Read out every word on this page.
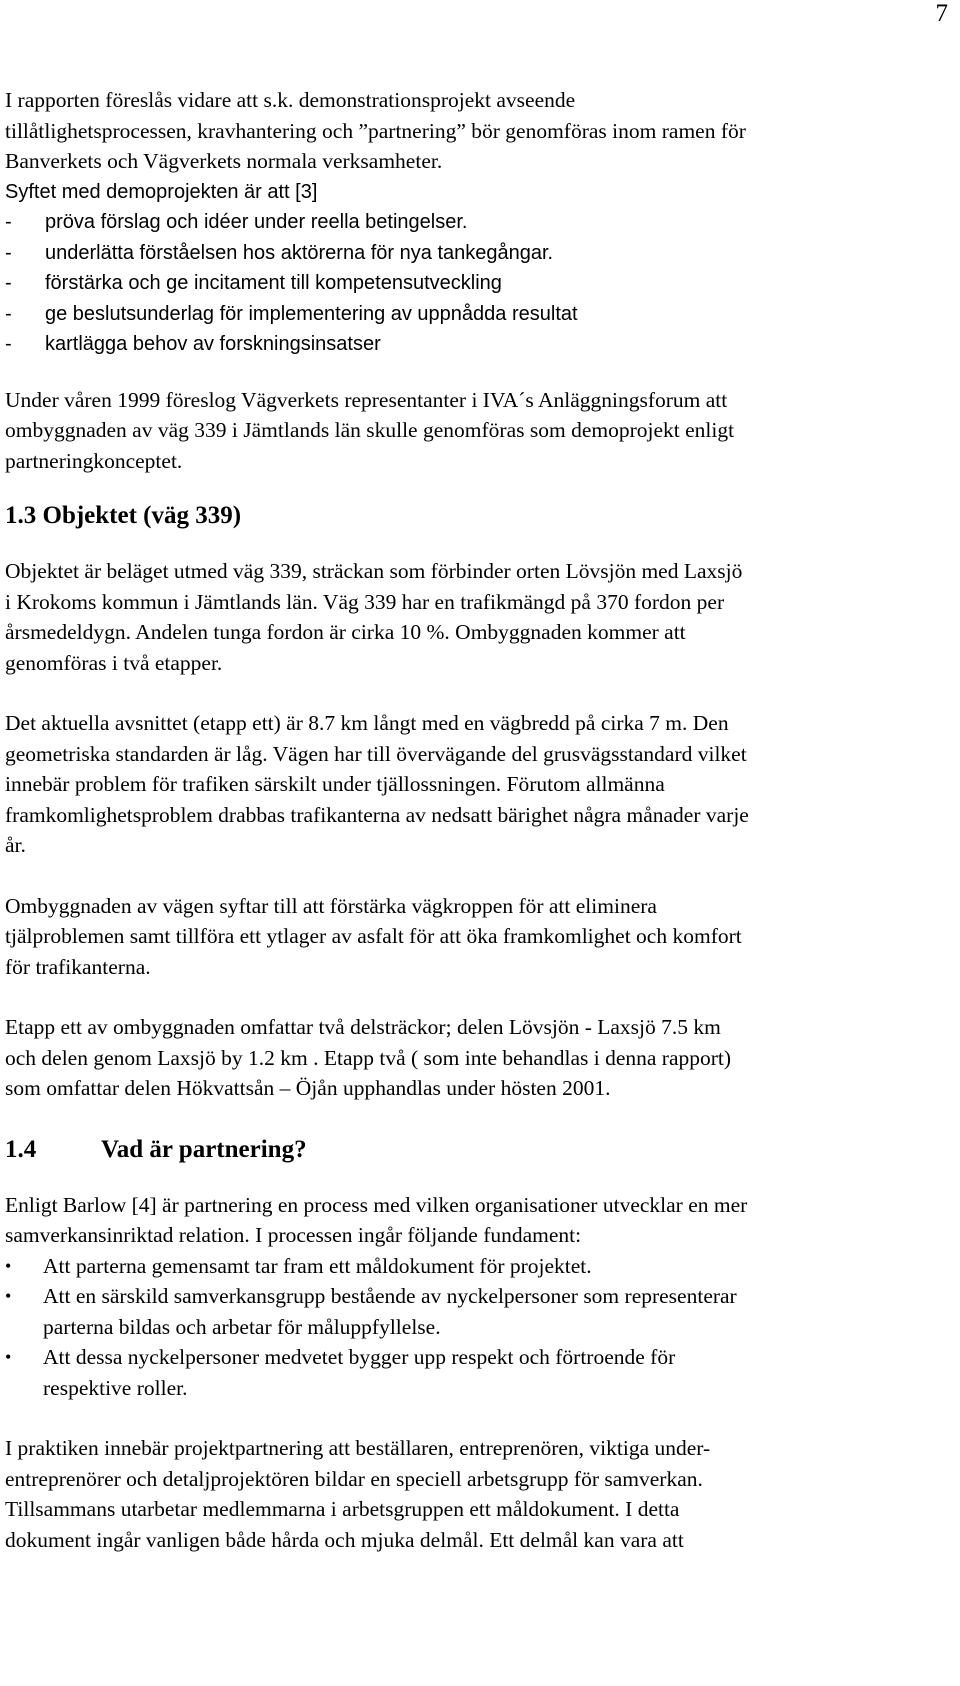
7

I rapporten föreslås vidare att s.k. demonstrationsprojekt avseende
tillåtlighetsprocessen, kravhantering och ”partnering” bör genomföras inom ramen för
Banverkets och Vägverkets normala verksamheter.

Syftet med demoprojekten är att [3]

-	pröva förslag och idéer under reella betingelser.
-	underlätta förståelsen hos aktörerna för nya tankegångar.
-	förstärka och ge incitament till kompetensutveckling
-	ge beslutsunderlag för implementering av uppnådda resultat
-	kartlägga behov av forskningsinsatser

Under våren 1999 föreslog Vägverkets representanter i IVA´s Anläggningsforum att
ombyggnaden av väg 339 i Jämtlands län skulle genomföras som demoprojekt enligt
partneringkonceptet.

1.3 Objektet (väg 339)

Objektet är beläget utmed väg 339, sträckan som förbinder orten Lövsjön med Laxsjö
i Krokoms kommun i Jämtlands län. Väg 339 har en trafikmängd på 370 fordon per
årsmedeldygn. Andelen tunga fordon är cirka 10 %. Ombyggnaden kommer att
genomföras i två etapper.

Det aktuella avsnittet (etapp ett) är 8.7 km långt med en vägbredd på cirka 7 m. Den
geometriska standarden är låg. Vägen har till övervägande del grusvägsstandard vilket
innebär problem för trafiken särskilt under tjällossningen. Förutom allmänna
framkomlighetsproblem drabbas trafikanterna av nedsatt bärighet några månader varje
år.

Ombyggnaden av vägen syftar till att förstärka vägkroppen för att eliminera
tjälproblemen samt tillföra ett ytlager av asfalt för att öka framkomlighet och komfort
för trafikanterna.

Etapp ett av ombyggnaden omfattar två delsträckor; delen Lövsjön - Laxsjö 7.5 km
och delen genom Laxsjö by 1.2 km . Etapp två ( som inte behandlas i denna rapport)
som omfattar delen Hökvattsån – Öjån upphandlas under hösten 2001.

1.4	Vad är partnering?

Enligt Barlow [4] är partnering en process med vilken organisationer utvecklar en mer
samverkansinriktad relation. I processen ingår följande fundament:

•	Att parterna gemensamt tar fram ett måldokument för projektet.
•	Att en särskild samverkansgrupp bestående av nyckelpersoner som representerar
parterna bildas och arbetar för måluppfyllelse.
•	Att dessa nyckelpersoner medvetet bygger upp respekt och förtroende för
respektive roller.

I praktiken innebär projektpartnering att beställaren, entreprenören, viktiga under-
entreprenörer och detaljprojektören bildar en speciell arbetsgrupp för samverkan.
Tillsammans utarbetar medlemmarna i arbetsgruppen ett måldokument. I detta
dokument ingår vanligen både hårda och mjuka delmål. Ett delmål kan vara att
